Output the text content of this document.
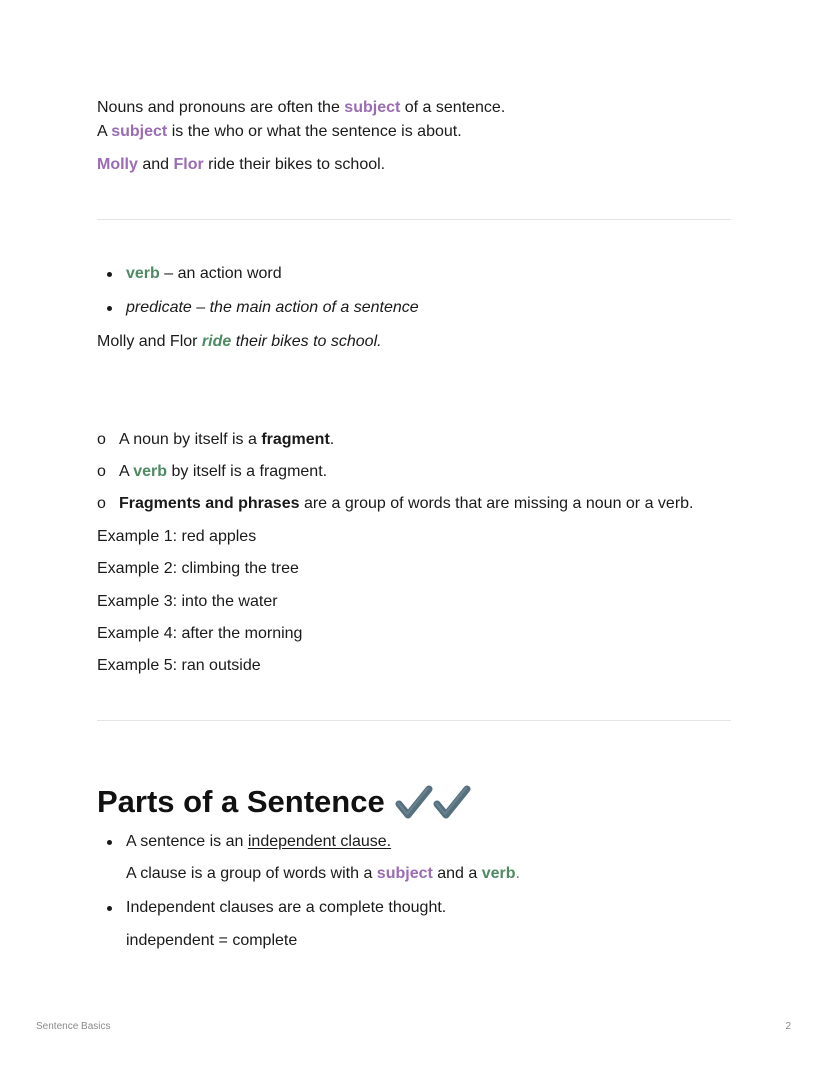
Nouns and pronouns are often the subject of a sentence.
A subject is the who or what the sentence is about.
Molly and Flor ride their bikes to school.
verb – an action word
predicate – the main action of a sentence
Molly and Flor ride their bikes to school.
o A noun by itself is a fragment.
o A verb by itself is a fragment.
o Fragments and phrases are a group of words that are missing a noun or a verb.
Example 1: red apples
Example 2: climbing the tree
Example 3: into the water
Example 4: after the morning
Example 5: ran outside
Parts of a Sentence
A sentence is an independent clause.
A clause is a group of words with a subject and a verb.
Independent clauses are a complete thought.
independent = complete
Sentence Basics	2
